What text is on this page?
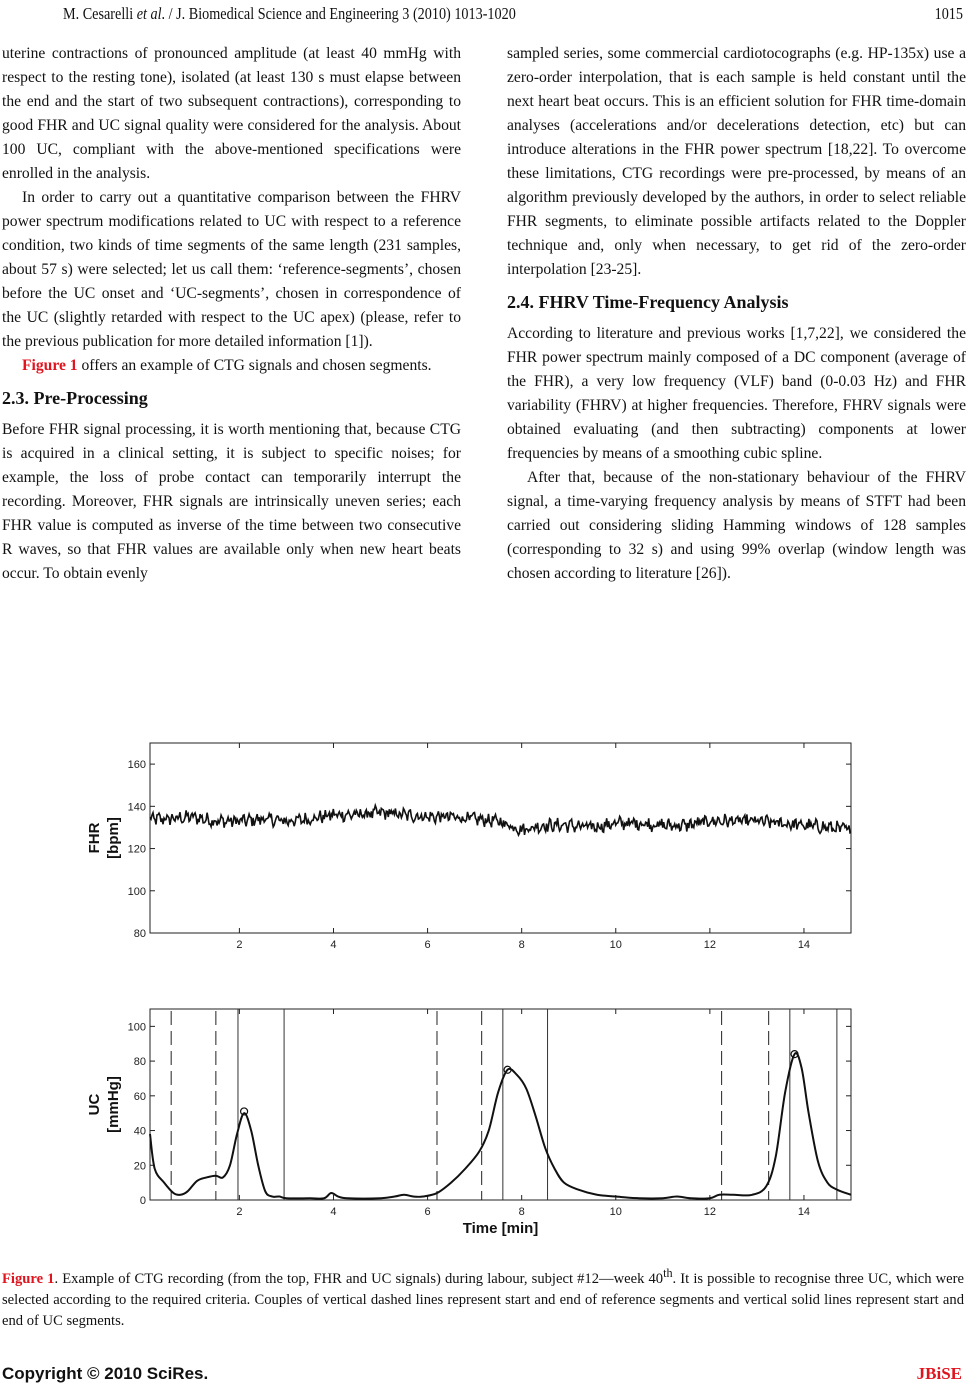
M. Cesarelli et al. / J. Biomedical Science and Engineering 3 (2010) 1013-1020	1015

uterine contractions of pronounced amplitude (at least 40 mmHg with respect to the resting tone), isolated (at least 130 s must elapse between the end and the start of two subsequent contractions), corresponding to good FHR and UC signal quality were considered for the analysis. About 100 UC, compliant with the above-mentioned specifications were enrolled in the analysis.

In order to carry out a quantitative comparison between the FHRV power spectrum modifications related to UC with respect to a reference condition, two kinds of time segments of the same length (231 samples, about 57 s) were selected; let us call them: ‘reference-segments’, chosen before the UC onset and ‘UC-segments’, chosen in correspondence of the UC (slightly retarded with respect to the UC apex) (please, refer to the previous publication for more detailed information [1]).

Figure 1 offers an example of CTG signals and chosen segments.

2.3. Pre-Processing

Before FHR signal processing, it is worth mentioning that, because CTG is acquired in a clinical setting, it is subject to specific noises; for example, the loss of probe contact can temporarily interrupt the recording. Moreover, FHR signals are intrinsically uneven series; each FHR value is computed as inverse of the time between two consecutive R waves, so that FHR values are available only when new heart beats occur. To obtain evenly

sampled series, some commercial cardiotocographs (e.g. HP-135x) use a zero-order interpolation, that is each sample is held constant until the next heart beat occurs. This is an efficient solution for FHR time-domain analyses (accelerations and/or decelerations detection, etc) but can introduce alterations in the FHR power spectrum [18,22]. To overcome these limitations, CTG recordings were pre-processed, by means of an algorithm previously developed by the authors, in order to select reliable FHR segments, to eliminate possible artifacts related to the Doppler technique and, only when necessary, to get rid of the zero-order interpolation [23-25].

2.4. FHRV Time-Frequency Analysis

According to literature and previous works [1,7,22], we considered the FHR power spectrum mainly composed of a DC component (average of the FHR), a very low frequency (VLF) band (0-0.03 Hz) and FHR variability (FHRV) at higher frequencies. Therefore, FHRV signals were obtained evaluating (and then subtracting) components at lower frequencies by means of a smoothing cubic spline.

After that, because of the non-stationary behaviour of the FHRV signal, a time-varying frequency analysis by means of STFT had been carried out considering sliding Hamming windows of 128 samples (corresponding to 32 s) and using 99% overlap (window length was chosen according to literature [26]).

2	4	6	8	10	12	14
80
100
120
140
160
FHR [bpm]
2	4	6	8	10	12	14
0
20
40
60
80
100
UC [mmHg]
Time [min]
Figure 1. Example of CTG recording (from the top, FHR and UC signals) during labour, subject #12—week 40th. It is possible to recognise three UC, which were selected according to the required criteria. Couples of vertical dashed lines represent start and end of reference segments and vertical solid lines represent start and end of UC segments.
Copyright © 2010 SciRes.	JBiSE
